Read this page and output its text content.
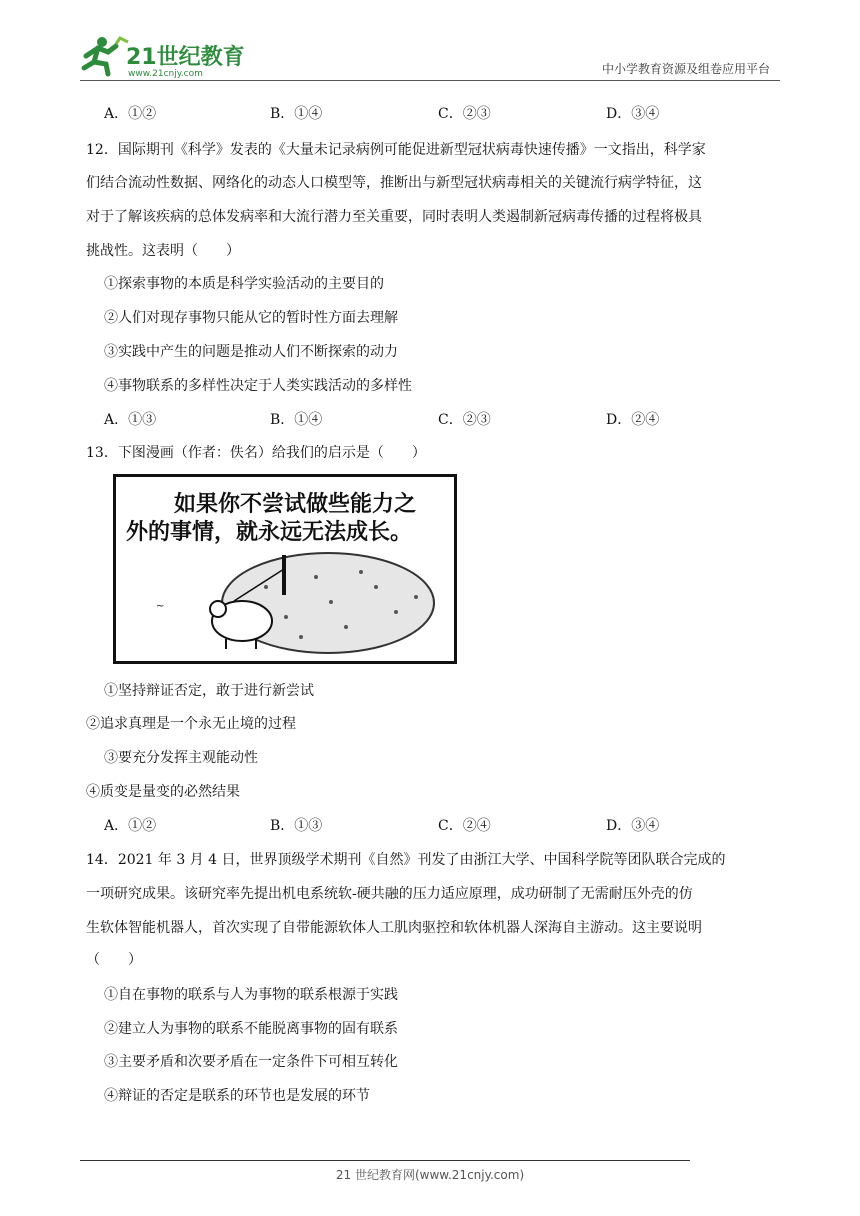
21世纪教育
www.21cnjy.com	中小学教育资源及组卷应用平台
A．①②	B．①④	C．②③	D．③④
12．国际期刊《科学》发表的《大量未记录病例可能促进新型冠状病毒快速传播》一文指出，科学家
们结合流动性数据、网络化的动态人口模型等，推断出与新型冠状病毒相关的关键流行病学特征，这
对于了解该疾病的总体发病率和大流行潜力至关重要，同时表明人类遏制新冠病毒传播的过程将极具
挑战性。这表明（　　）
①探索事物的本质是科学实验活动的主要目的
②人们对现存事物只能从它的暂时性方面去理解
③实践中产生的问题是推动人们不断探索的动力
④事物联系的多样性决定于人类实践活动的多样性
A．①③	B．①④	C．②③	D．②④
13．下图漫画（作者：佚名）给我们的启示是（　　）
如果你不尝试做些能力之
外的事情，就永远无法成长。
~
①坚持辩证否定，敢于进行新尝试
②追求真理是一个永无止境的过程
③要充分发挥主观能动性
④质变是量变的必然结果
A．①②	B．①③	C．②④	D．③④
14．2021 年 3 月 4 日，世界顶级学术期刊《自然》刊发了由浙江大学、中国科学院等团队联合完成的
一项研究成果。该研究率先提出机电系统软-硬共融的压力适应原理，成功研制了无需耐压外壳的仿
生软体智能机器人，首次实现了自带能源软体人工肌肉驱控和软体机器人深海自主游动。这主要说明
（　　）
①自在事物的联系与人为事物的联系根源于实践
②建立人为事物的联系不能脱离事物的固有联系
③主要矛盾和次要矛盾在一定条件下可相互转化
④辩证的否定是联系的环节也是发展的环节
21 世纪教育网(www.21cnjy.com)
